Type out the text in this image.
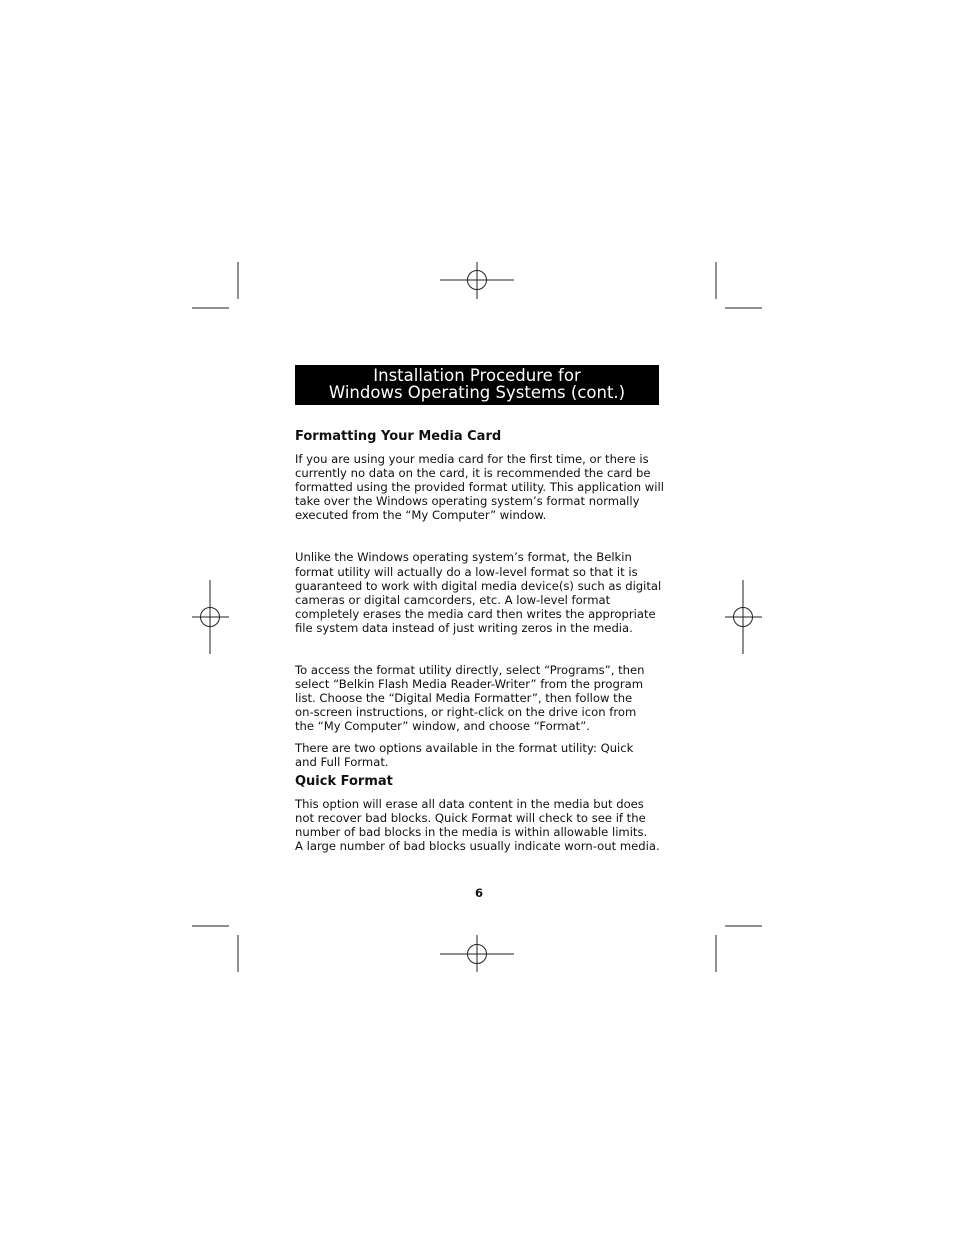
Installation Procedure for
Windows Operating Systems (cont.)
Formatting Your Media Card

If you are using your media card for the first time, or there is
currently no data on the card, it is recommended the card be
formatted using the provided format utility. This application will
take over the Windows operating system’s format normally
executed from the “My Computer” window.

Unlike the Windows operating system’s format, the Belkin
format utility will actually do a low-level format so that it is
guaranteed to work with digital media device(s) such as digital
cameras or digital camcorders, etc. A low-level format
completely erases the media card then writes the appropriate
file system data instead of just writing zeros in the media.

To access the format utility directly, select “Programs”, then
select “Belkin Flash Media Reader-Writer” from the program
list. Choose the “Digital Media Formatter”, then follow the
on-screen instructions, or right-click on the drive icon from
the “My Computer” window, and choose “Format”.

There are two options available in the format utility: Quick
and Full Format.

Quick Format

This option will erase all data content in the media but does
not recover bad blocks. Quick Format will check to see if the
number of bad blocks in the media is within allowable limits.
A large number of bad blocks usually indicate worn-out media.

6
